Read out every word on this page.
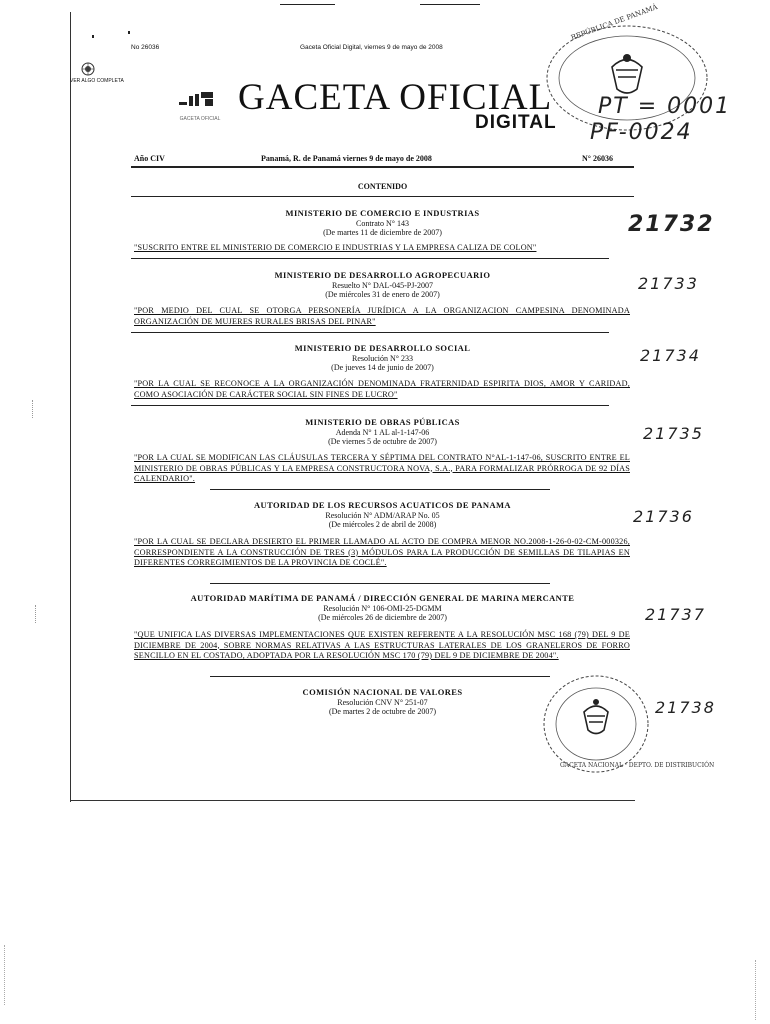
No 26036	Gaceta Oficial Digital, viernes 9 de mayo de 2008
VER ALGO COMPLETA
GACETA OFICIAL
GACETA OFICIAL
DIGITAL
REPÚBLICA DE PANAMÁ
PT = 0001
PF-0024
Año CIV	Panamá, R. de Panamá viernes 9 de mayo de 2008	N° 26036
CONTENIDO
MINISTERIO DE COMERCIO E INDUSTRIAS
Contrato N° 143
(De martes 11 de diciembre de 2007)
"SUSCRITO ENTRE EL MINISTERIO DE COMERCIO E INDUSTRIAS Y LA EMPRESA CALIZA DE COLON"
21732
MINISTERIO DE DESARROLLO AGROPECUARIO
Resuelto N° DAL-045-PJ-2007
(De miércoles 31 de enero de 2007)
"POR MEDIO DEL CUAL SE OTORGA PERSONERÍA JURÍDICA A LA ORGANIZACION CAMPESINA DENOMINADA ORGANIZACIÓN DE MUJERES RURALES BRISAS DEL PINAR"
21733
MINISTERIO DE DESARROLLO SOCIAL
Resolución N° 233
(De jueves 14 de junio de 2007)
"POR LA CUAL SE RECONOCE A LA ORGANIZACIÓN DENOMINADA FRATERNIDAD ESPIRITA DIOS, AMOR Y CARIDAD, COMO ASOCIACIÓN DE CARÁCTER SOCIAL SIN FINES DE LUCRO"
21734
MINISTERIO DE OBRAS PÚBLICAS
Adenda N° 1 AL al-1-147-06
(De viernes 5 de octubre de 2007)
"POR LA CUAL SE MODIFICAN LAS CLÁUSULAS TERCERA Y SÉPTIMA DEL CONTRATO N°AL-1-147-06, SUSCRITO ENTRE EL MINISTERIO DE OBRAS PÚBLICAS Y LA EMPRESA CONSTRUCTORA NOVA, S.A., PARA FORMALIZAR PRÓRROGA DE 92 DÍAS CALENDARIO".
21735
AUTORIDAD DE LOS RECURSOS ACUATICOS DE PANAMA
Resolución N° ADM/ARAP No. 05
(De miércoles 2 de abril de 2008)
"POR LA CUAL SE DECLARA DESIERTO EL PRIMER LLAMADO AL ACTO DE COMPRA MENOR NO.2008-1-26-0-02-CM-000326, CORRESPONDIENTE A LA CONSTRUCCIÓN DE TRES (3) MÓDULOS PARA LA PRODUCCIÓN DE SEMILLAS DE TILAPIAS EN DIFERENTES CORREGIMIENTOS DE LA PROVINCIA DE COCLÉ".
21736
AUTORIDAD MARÍTIMA DE PANAMÁ / DIRECCIÓN GENERAL DE MARINA MERCANTE
Resolución N° 106-OMI-25-DGMM
(De miércoles 26 de diciembre de 2007)
"QUE UNIFICA LAS DIVERSAS IMPLEMENTACIONES QUE EXISTEN REFERENTE A LA RESOLUCIÓN MSC 168 (79) DEL 9 DE DICIEMBRE DE 2004, SOBRE NORMAS RELATIVAS A LAS ESTRUCTURAS LATERALES DE LOS GRANELEROS DE FORRO SENCILLO EN EL COSTADO, ADOPTADA POR LA RESOLUCIÓN MSC 170 (79) DEL 9 DE DICIEMBRE DE 2004".
21737
COMISIÓN NACIONAL DE VALORES
Resolución CNV N° 251-07
(De martes 2 de octubre de 2007)	21738
GACETA NACIONAL · DEPTO. DE DISTRIBUCIÓN
